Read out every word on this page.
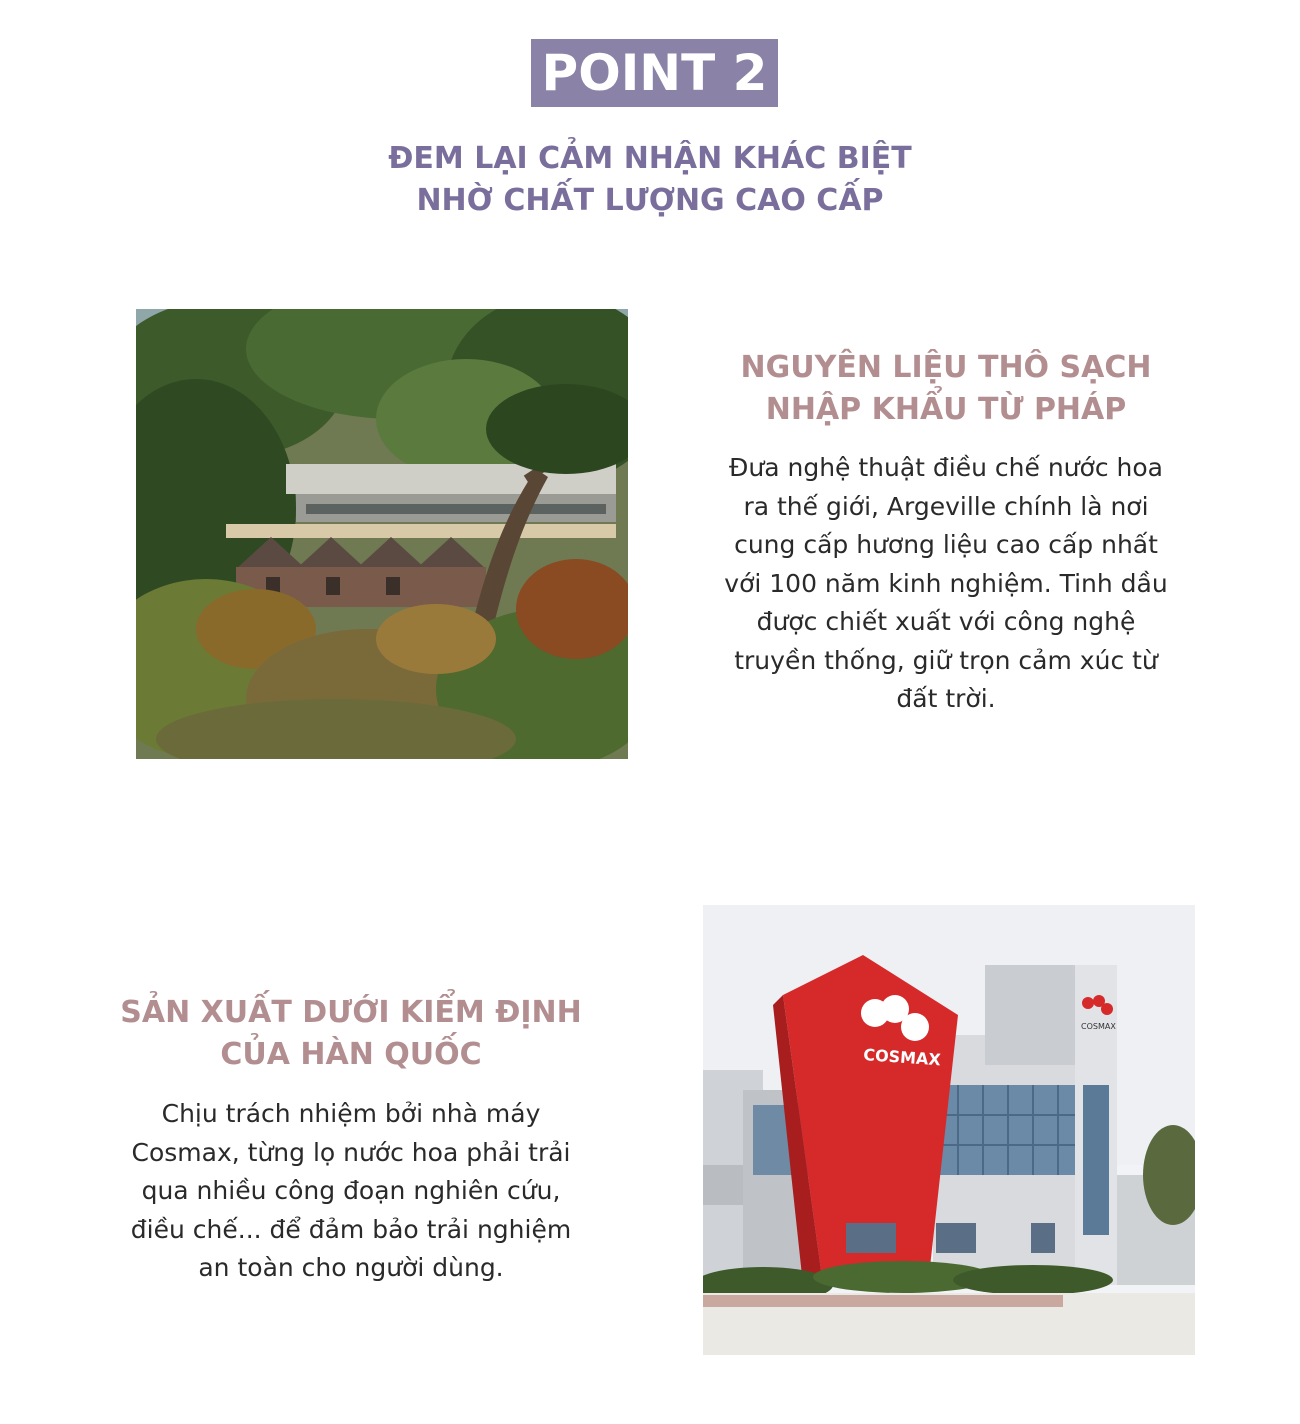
POINT 2
ĐEM LẠI CẢM NHẬN KHÁC BIỆT
NHỜ CHẤT LƯỢNG CAO CẤP
NGUYÊN LIỆU THÔ SẠCH
NHẬP KHẨU TỪ PHÁP
Đưa nghệ thuật điều chế nước hoa
ra thế giới, Argeville chính là nơi
cung cấp hương liệu cao cấp nhất
với 100 năm kinh nghiệm. Tinh dầu
được chiết xuất với công nghệ
truyền thống, giữ trọn cảm xúc từ
đất trời.
SẢN XUẤT DƯỚI KIỂM ĐỊNH
CỦA HÀN QUỐC
Chịu trách nhiệm bởi nhà máy
Cosmax, từng lọ nước hoa phải trải
qua nhiều công đoạn nghiên cứu,
điều chế... để đảm bảo trải nghiệm
an toàn cho người dùng.
COSMAX
COSMAX
